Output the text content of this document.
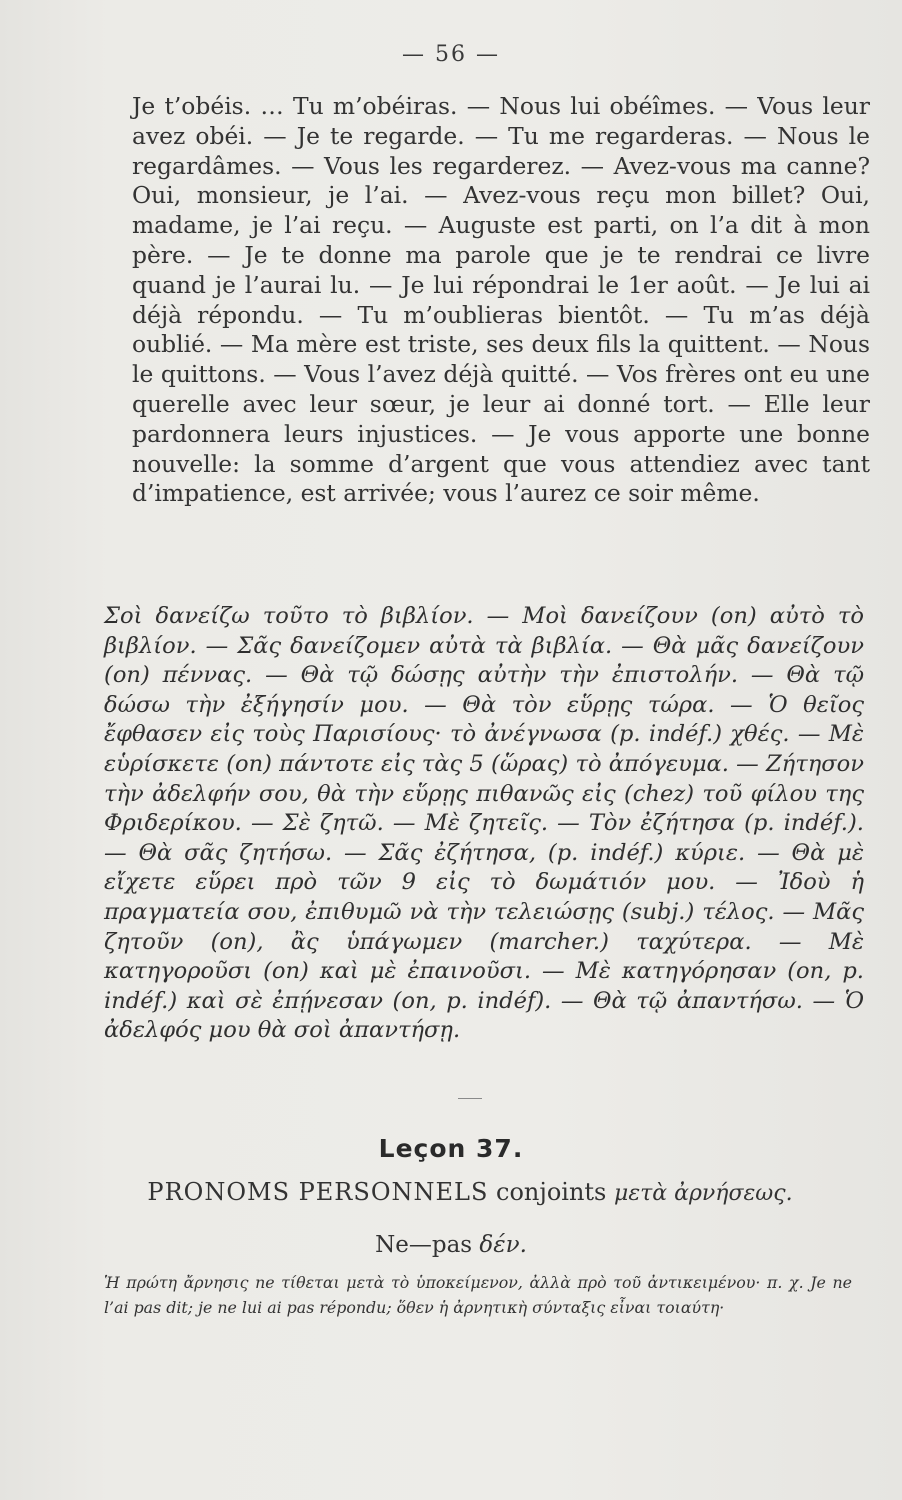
— 56 —
Je t’obéis. … Tu m’obéiras. — Nous lui obéîmes. — Vous leur avez obéi. — Je te regarde. — Tu me regarderas. — Nous le regardâmes. — Vous les regarderez. — Avez-vous ma canne? Oui, monsieur, je l’ai. — Avez-vous reçu mon billet? Oui, madame, je l’ai reçu. — Auguste est parti, on l’a dit à mon père. — Je te donne ma parole que je te rendrai ce livre quand je l’aurai lu. — Je lui répondrai le 1er août. — Je lui ai déjà répondu. — Tu m’oublieras bientôt. — Tu m’as déjà oublié. — Ma mère est triste, ses deux fils la quittent. — Nous le quittons. — Vous l’avez déjà quitté. — Vos frères ont eu une querelle avec leur sœur, je leur ai donné tort. — Elle leur pardonnera leurs injustices. — Je vous apporte une bonne nouvelle: la somme d’argent que vous attendiez avec tant d’impatience, est arrivée; vous l’aurez ce soir même.
Σοὶ δανείζω τοῦτο τὸ βιβλίον. — Μοὶ δανείζουν (on) αὐτὸ τὸ βιβλίον. — Σᾶς δανείζομεν αὐτὰ τὰ βιβλία. — Θὰ μᾶς δανείζουν (on) πέννας. — Θὰ τῷ δώσῃς αὐτὴν τὴν ἐπιστολήν. — Θὰ τῷ δώσω τὴν ἐξήγησίν μου. — Θὰ τὸν εὕρῃς τώρα. — Ὁ θεῖος ἔφθασεν εἰς τοὺς Παρισίους· τὸ ἀνέγνωσα (p. indéf.) χθές. — Μὲ εὑρίσκετε (on) πάντοτε εἰς τὰς 5 (ὥρας) τὸ ἀπόγευμα. — Ζήτησον τὴν ἀδελφήν σου, θὰ τὴν εὕρῃς πιθανῶς εἰς (chez) τοῦ φίλου της Φριδερίκου. — Σὲ ζητῶ. — Μὲ ζητεῖς. — Τὸν ἐζήτησα (p. indéf.). — Θὰ σᾶς ζητήσω. — Σᾶς ἐζήτησα, (p. indéf.) κύριε. — Θὰ μὲ εἴχετε εὕρει πρὸ τῶν 9 εἰς τὸ δωμάτιόν μου. — Ἰδοὺ ἡ πραγματεία σου, ἐπιθυμῶ νὰ τὴν τελειώσῃς (subj.) τέλος. — Μᾶς ζητοῦν (on), ἂς ὑπάγωμεν (marcher.) ταχύτερα. — Μὲ κατηγοροῦσι (on) καὶ μὲ ἐπαινοῦσι. — Μὲ κατηγόρησαν (on, p. indéf.) καὶ σὲ ἐπῄνεσαν (on, p. indéf). — Θὰ τῷ ἀπαντήσω. — Ὁ ἀδελφός μου θὰ σοὶ ἀπαντήσῃ.
Leçon 37.
PRONOMS PERSONNELS conjoints μετὰ ἀρνήσεως.
Ne—pas δέν.
Ἡ πρώτη ἄρνησις ne τίθεται μετὰ τὸ ὑποκείμενον, ἀλλὰ πρὸ τοῦ ἀντικειμένου· π. χ. Je ne l’ai pas dit; je ne lui ai pas répondu; ὅθεν ἡ ἀρνητικὴ σύνταξις εἶναι τοιαύτη·
